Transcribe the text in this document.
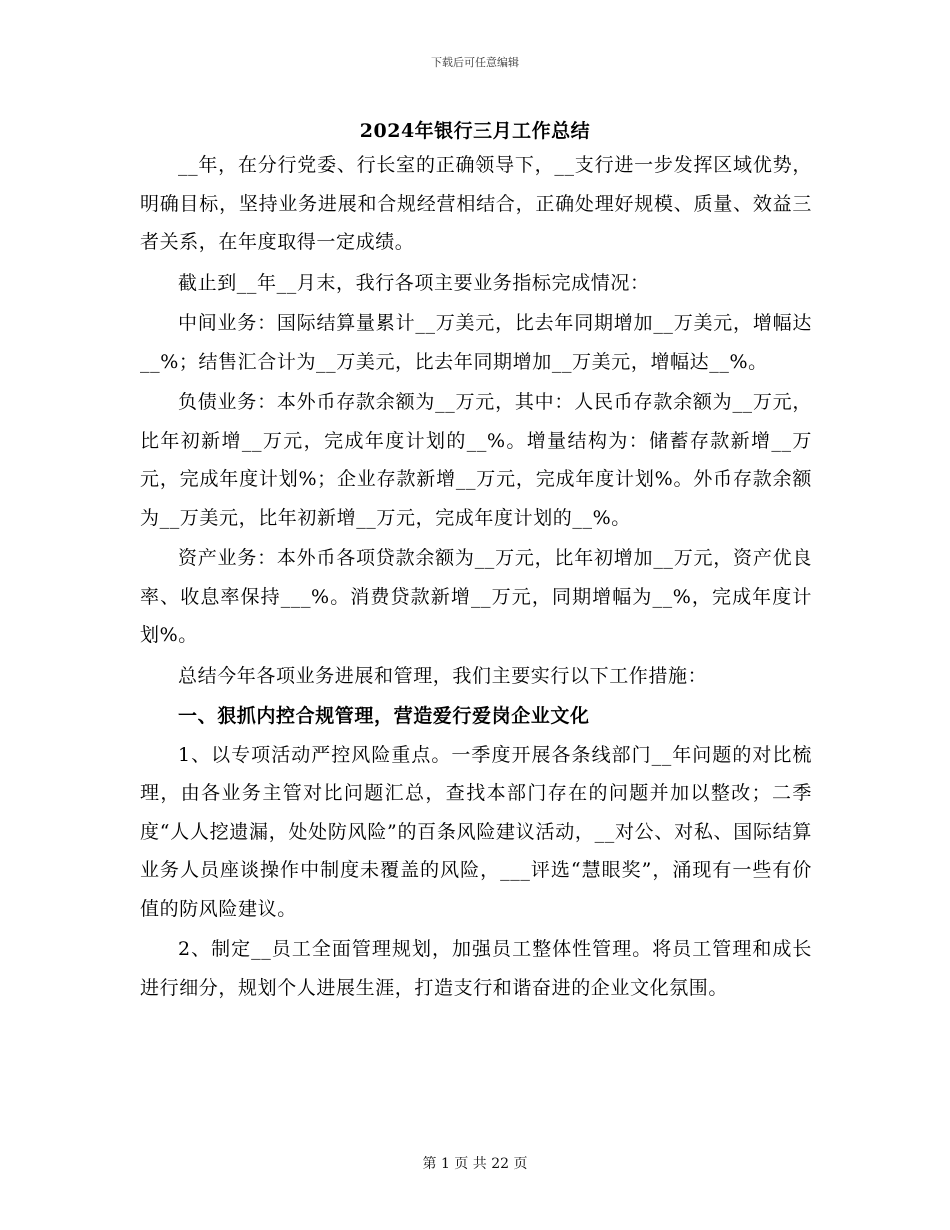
下载后可任意编辑
2024年银行三月工作总结

__年，在分行党委、行长室的正确领导下，__支行进一步发挥区域优势，明确目标，坚持业务进展和合规经营相结合，正确处理好规模、质量、效益三者关系，在年度取得一定成绩。

截止到__年__月末，我行各项主要业务指标完成情况：

中间业务：国际结算量累计__万美元，比去年同期增加__万美元，增幅达__%；结售汇合计为__万美元，比去年同期增加__万美元，增幅达__%。

负债业务：本外币存款余额为__万元，其中：人民币存款余额为__万元，比年初新增__万元，完成年度计划的__%。增量结构为：储蓄存款新增__万元，完成年度计划%；企业存款新增__万元，完成年度计划%。外币存款余额为__万美元，比年初新增__万元，完成年度计划的__%。

资产业务：本外币各项贷款余额为__万元，比年初增加__万元，资产优良率、收息率保持___%。消费贷款新增__万元，同期增幅为__%，完成年度计划%。

总结今年各项业务进展和管理，我们主要实行以下工作措施：

一、狠抓内控合规管理，营造爱行爱岗企业文化

1、以专项活动严控风险重点。一季度开展各条线部门__年问题的对比梳理，由各业务主管对比问题汇总，查找本部门存在的问题并加以整改；二季度“人人挖遗漏，处处防风险”的百条风险建议活动，__对公、对私、国际结算业务人员座谈操作中制度未覆盖的风险，___评选“慧眼奖”，涌现有一些有价值的防风险建议。

2、制定__员工全面管理规划，加强员工整体性管理。将员工管理和成长进行细分，规划个人进展生涯，打造支行和谐奋进的企业文化氛围。

第 1 页 共 22 页
